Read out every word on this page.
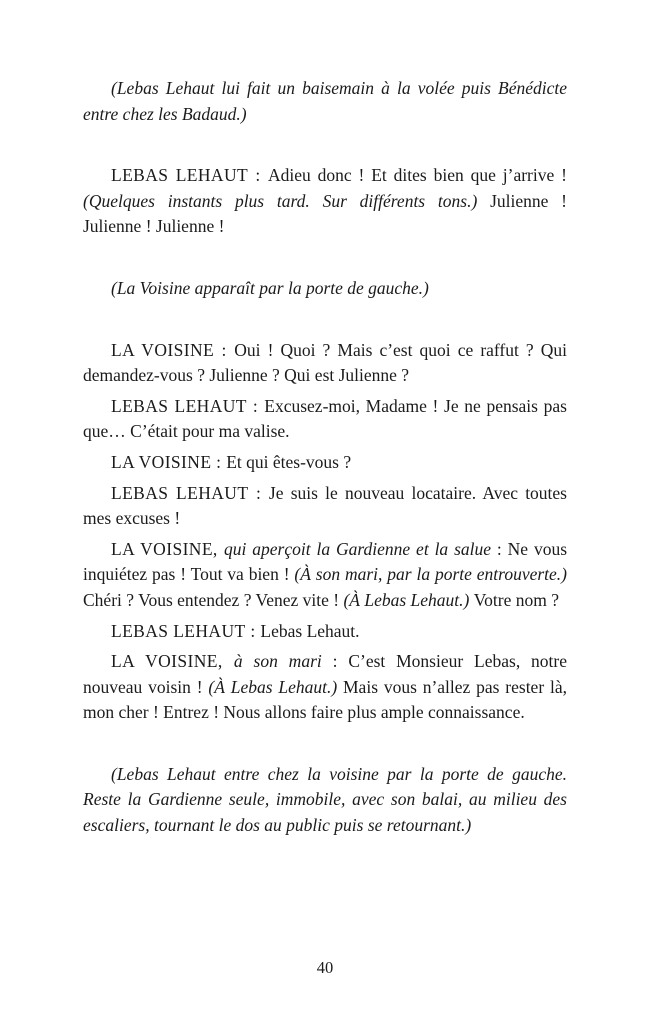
(Lebas Lehaut lui fait un baisemain à la volée puis Bénédicte entre chez les Badaud.)

LEBAS LEHAUT : Adieu donc ! Et dites bien que j’arrive ! (Quelques instants plus tard. Sur différents tons.) Julienne ! Julienne ! Julienne !

(La Voisine apparaît par la porte de gauche.)

LA VOISINE : Oui ! Quoi ? Mais c’est quoi ce raffut ? Qui demandez-vous ? Julienne ? Qui est Julienne ?

LEBAS LEHAUT : Excusez-moi, Madame ! Je ne pensais pas que… C’était pour ma valise.

LA VOISINE : Et qui êtes-vous ?

LEBAS LEHAUT : Je suis le nouveau locataire. Avec toutes mes excuses !

LA VOISINE, qui aperçoit la Gardienne et la salue : Ne vous inquiétez pas ! Tout va bien ! (À son mari, par la porte entrouverte.) Chéri ? Vous entendez ? Venez vite ! (À Lebas Lehaut.) Votre nom ?

LEBAS LEHAUT : Lebas Lehaut.

LA VOISINE, à son mari : C’est Monsieur Lebas, notre nouveau voisin ! (À Lebas Lehaut.) Mais vous n’allez pas rester là, mon cher ! Entrez ! Nous allons faire plus ample connaissance.

(Lebas Lehaut entre chez la voisine par la porte de gauche. Reste la Gardienne seule, immobile, avec son balai, au milieu des escaliers, tournant le dos au public puis se retournant.)

40
